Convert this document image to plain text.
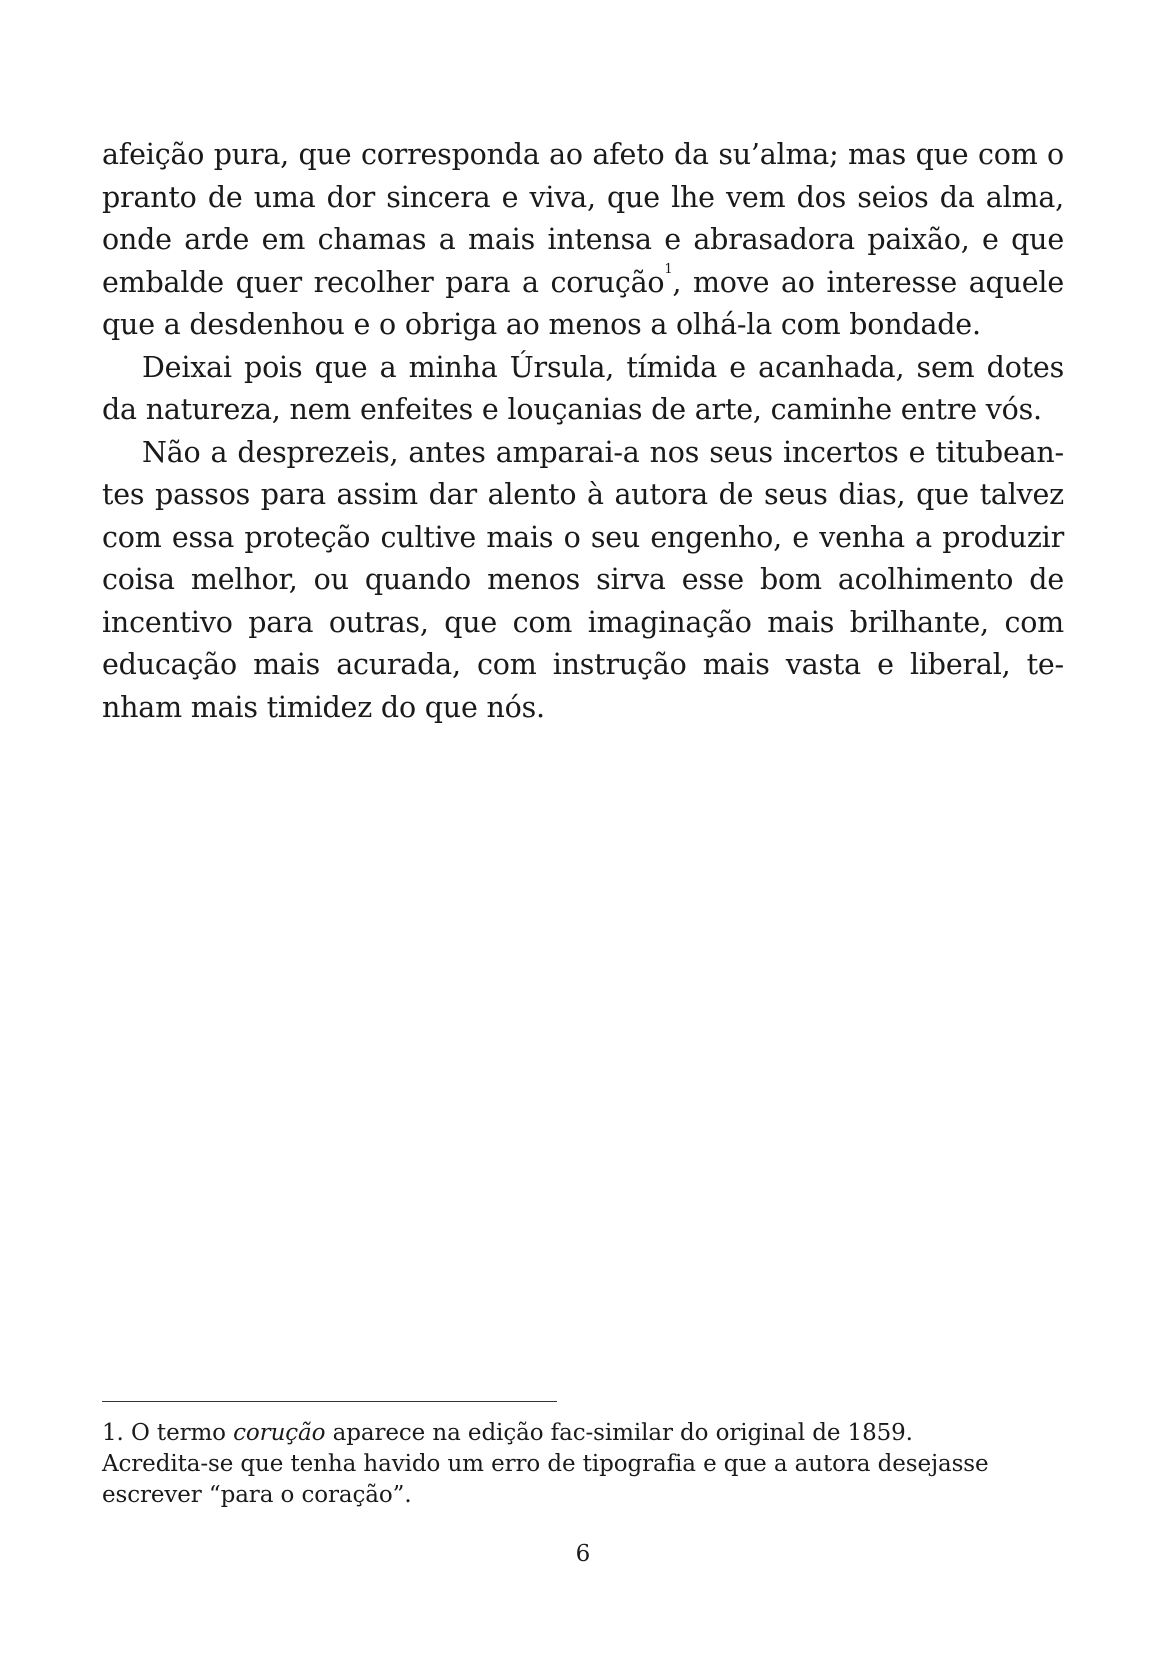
afeição pura, que corresponda ao afeto da su’alma; mas que com o
pranto de uma dor sincera e viva, que lhe vem dos seios da alma,
onde arde em chamas a mais intensa e abrasadora paixão, e que
embalde quer recolher para a corução$^1$, move ao interesse aquele
que a desdenhou e o obriga ao menos a olhá-la com bondade.
Deixai pois que a minha Úrsula, tímida e acanhada, sem dotes
da natureza, nem enfeites e louçanias de arte, caminhe entre vós.
Não a desprezeis, antes amparai-a nos seus incertos e titubean-
tes passos para assim dar alento à autora de seus dias, que talvez
com essa proteção cultive mais o seu engenho, e venha a produzir
coisa melhor, ou quando menos sirva esse bom acolhimento de
incentivo para outras, que com imaginação mais brilhante, com
educação mais acurada, com instrução mais vasta e liberal, te-
nham mais timidez do que nós.
1. O termo corução aparece na edição fac-similar do original de 1859.
Acredita-se que tenha havido um erro de tipografia e que a autora desejasse
escrever “para o coração”.
6
